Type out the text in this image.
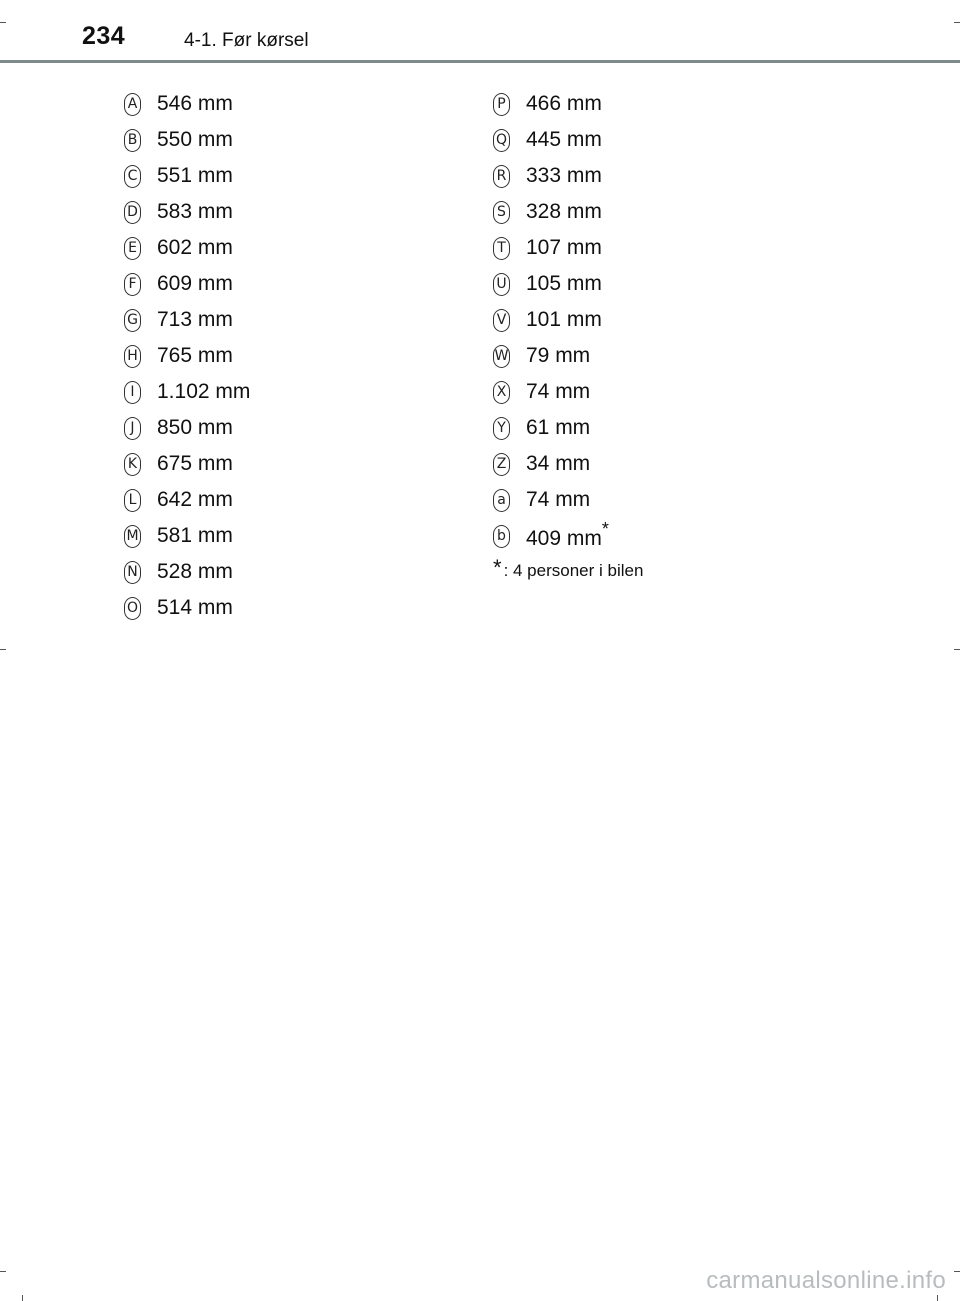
234	4-1. Før kørsel
A 546 mm
B 550 mm
C 551 mm
D 583 mm
E 602 mm
F 609 mm
G 713 mm
H 765 mm
I	1.102 mm
J	850 mm
K 675 mm
L 642 mm
M 581 mm
N 528 mm
O 514 mm
P 466 mm
Q 445 mm
R 333 mm
S 328 mm
T 107 mm
U 105 mm
V 101 mm
W 79 mm
X 74 mm
Y 61 mm
Z 34 mm
a 74 mm
b 409 mm*
* : 4 personer i bilen
carmanualsonline.info
